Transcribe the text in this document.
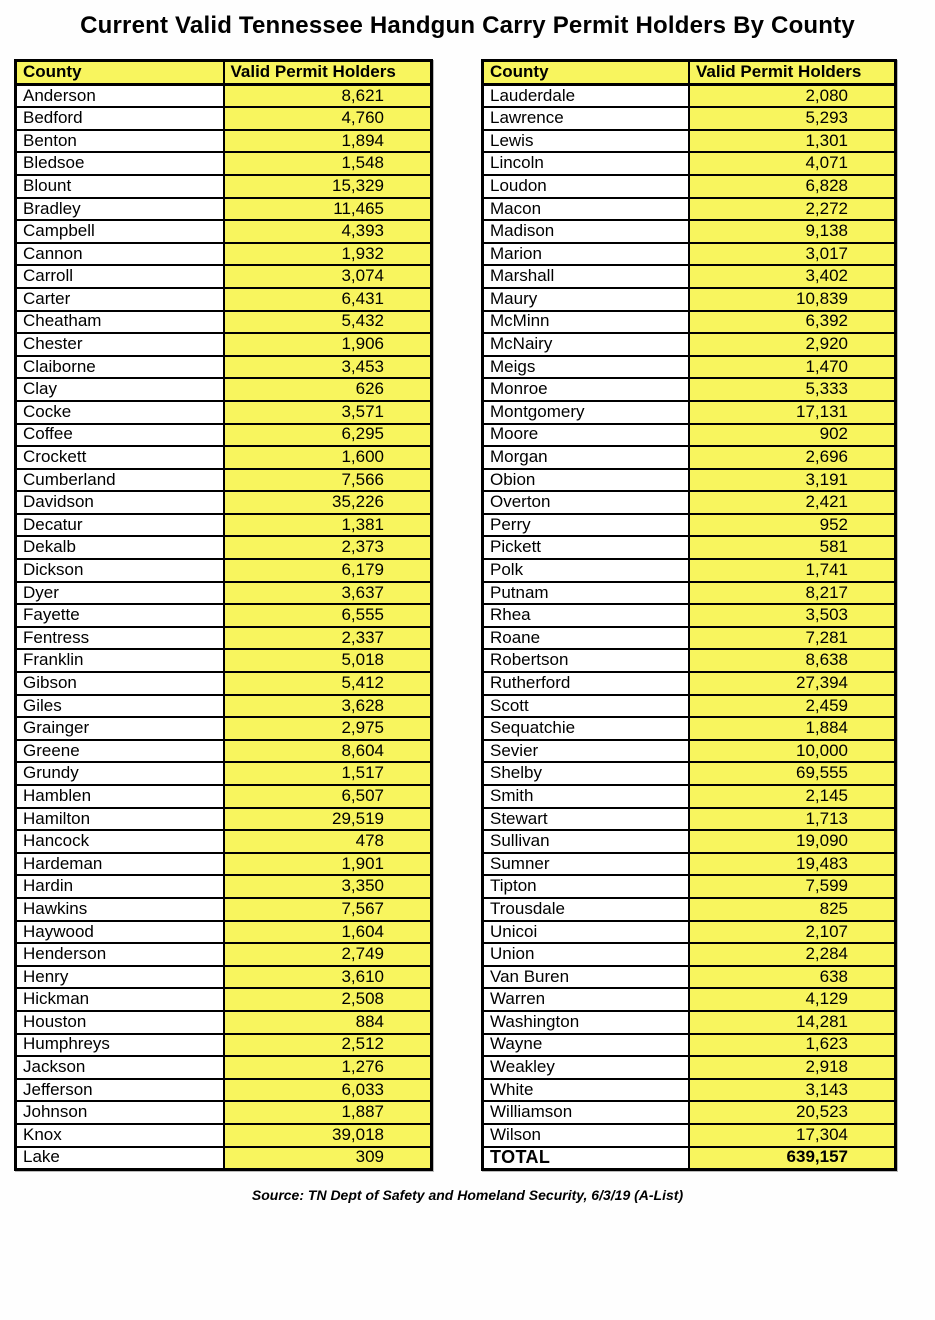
Current Valid Tennessee Handgun Carry Permit Holders By County
County	Valid Permit Holders
Anderson	8,621
Bedford	4,760
Benton	1,894
Bledsoe	1,548
Blount	15,329
Bradley	11,465
Campbell	4,393
Cannon	1,932
Carroll	3,074
Carter	6,431
Cheatham	5,432
Chester	1,906
Claiborne	3,453
Clay	626
Cocke	3,571
Coffee	6,295
Crockett	1,600
Cumberland	7,566
Davidson	35,226
Decatur	1,381
Dekalb	2,373
Dickson	6,179
Dyer	3,637
Fayette	6,555
Fentress	2,337
Franklin	5,018
Gibson	5,412
Giles	3,628
Grainger	2,975
Greene	8,604
Grundy	1,517
Hamblen	6,507
Hamilton	29,519
Hancock	478
Hardeman	1,901
Hardin	3,350
Hawkins	7,567
Haywood	1,604
Henderson	2,749
Henry	3,610
Hickman	2,508
Houston	884
Humphreys	2,512
Jackson	1,276
Jefferson	6,033
Johnson	1,887
Knox	39,018
Lake	309
County	Valid Permit Holders
Lauderdale	2,080
Lawrence	5,293
Lewis	1,301
Lincoln	4,071
Loudon	6,828
Macon	2,272
Madison	9,138
Marion	3,017
Marshall	3,402
Maury	10,839
McMinn	6,392
McNairy	2,920
Meigs	1,470
Monroe	5,333
Montgomery	17,131
Moore	902
Morgan	2,696
Obion	3,191
Overton	2,421
Perry	952
Pickett	581
Polk	1,741
Putnam	8,217
Rhea	3,503
Roane	7,281
Robertson	8,638
Rutherford	27,394
Scott	2,459
Sequatchie	1,884
Sevier	10,000
Shelby	69,555
Smith	2,145
Stewart	1,713
Sullivan	19,090
Sumner	19,483
Tipton	7,599
Trousdale	825
Unicoi	2,107
Union	2,284
Van Buren	638
Warren	4,129
Washington	14,281
Wayne	1,623
Weakley	2,918
White	3,143
Williamson	20,523
Wilson	17,304
TOTAL	639,157
Source: TN Dept of Safety and Homeland Security, 6/3/19 (A-List)
